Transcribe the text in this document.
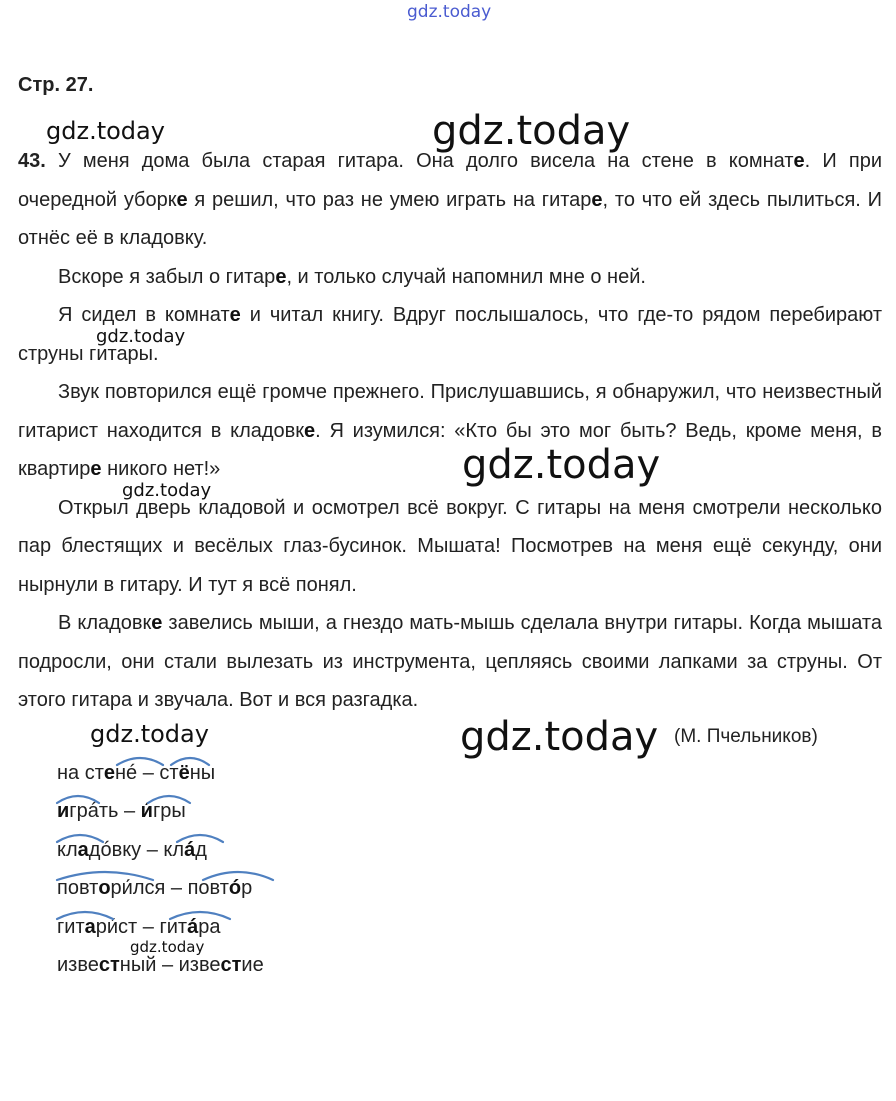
gdz.today
gdz.today	gdz.today
gdz.today
gdz.today
gdz.today
gdz.today	gdz.today
gdz.today
Стр. 27.

43. У меня дома была старая гитара. Она долго висела на стене в комнате. И при очередной уборке я решил, что раз не умею играть на гитаре, то что ей здесь пылиться. И отнёс её в кладовку.

Вскоре я забыл о гитаре, и только случай напомнил мне о ней.

Я сидел в комнате и читал книгу. Вдруг послышалось, что где-то рядом перебирают струны гитары.

Звук повторился ещё громче прежнего. Прислушавшись, я обнаружил, что неизвестный гитарист находится в кладовке. Я изумился: «Кто бы это мог быть? Ведь, кроме меня, в квартире никого нет!»

Открыл дверь кладовой и осмотрел всё вокруг. С гитары на меня смотрели несколько пар блестящих и весёлых глаз-бусинок. Мышата! Посмотрев на меня ещё секунду, они нырнули в гитару. И тут я всё понял.

В кладовке завелись мыши, а гнездо мать-мышь сделала внутри гитары. Когда мышата подросли, они стали вылезать из инструмента, цепляясь своими лапками за струны. От этого гитара и звучала. Вот и вся разгадка.

(М. Пчельников)
на стенé – стёны
игрáть – и́гры
кладóвку – клáд
повтори́лся – повтóр
гитари́ст – гитáра
известный – известие
